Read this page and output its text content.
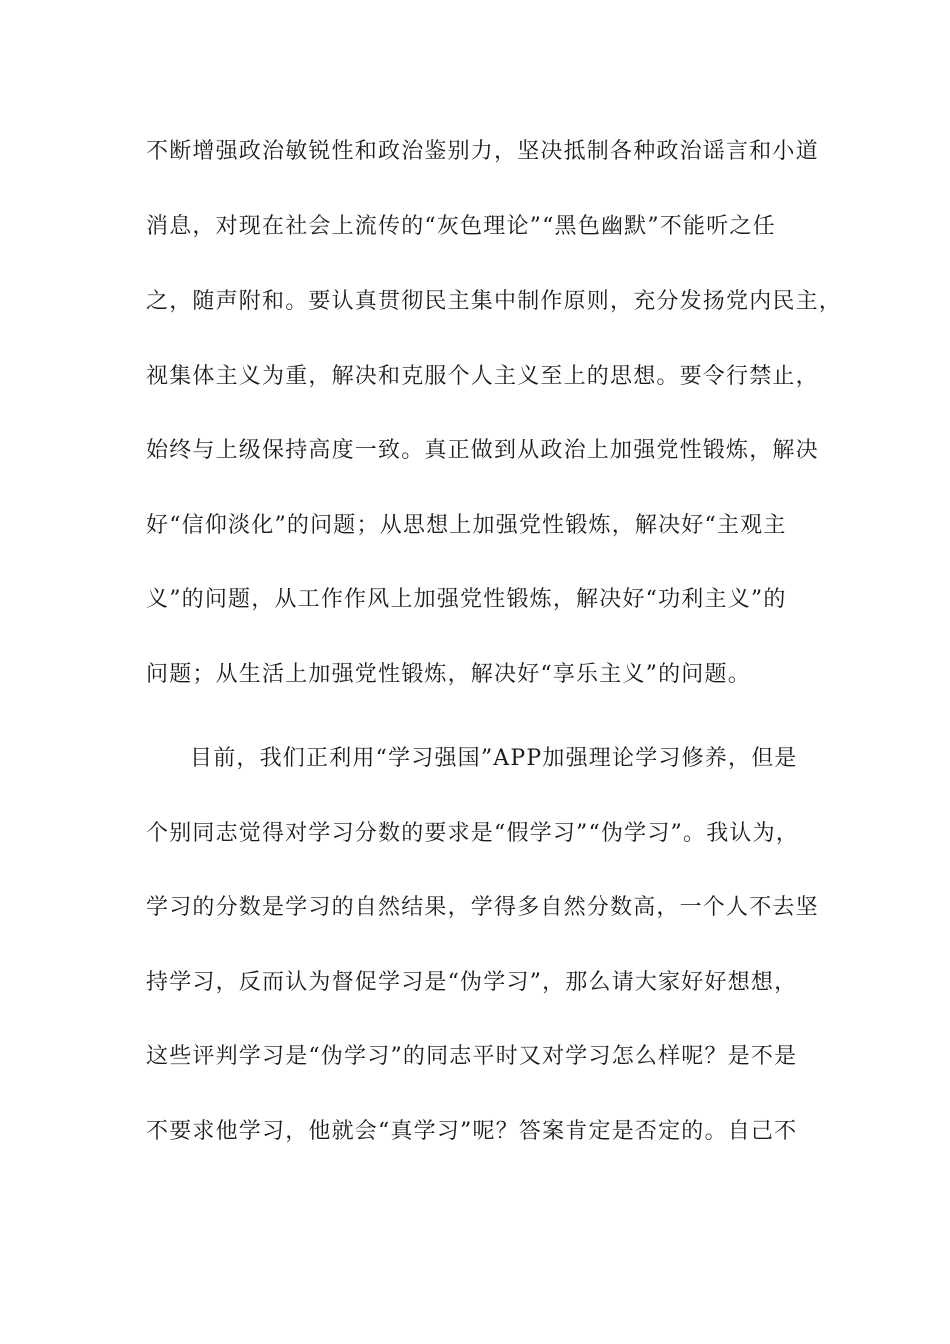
不断增强政治敏锐性和政治鉴别力，坚决抵制各种政治谣言和小道
消息，对现在社会上流传的“灰色理论”“黑色幽默”不能听之任
之，随声附和。要认真贯彻民主集中制作原则，充分发扬党内民主，
视集体主义为重，解决和克服个人主义至上的思想。要令行禁止，
始终与上级保持高度一致。真正做到从政治上加强党性锻炼，解决
好“信仰淡化”的问题；从思想上加强党性锻炼，解决好“主观主
义”的问题，从工作作风上加强党性锻炼，解决好“功利主义”的
问题；从生活上加强党性锻炼，解决好“享乐主义”的问题。
目前，我们正利用“学习强国”APP加强理论学习修养，但是
个别同志觉得对学习分数的要求是“假学习”“伪学习”。我认为，
学习的分数是学习的自然结果，学得多自然分数高，一个人不去坚
持学习，反而认为督促学习是“伪学习”，那么请大家好好想想，
这些评判学习是“伪学习”的同志平时又对学习怎么样呢？是不是
不要求他学习，他就会“真学习”呢？答案肯定是否定的。自己不
